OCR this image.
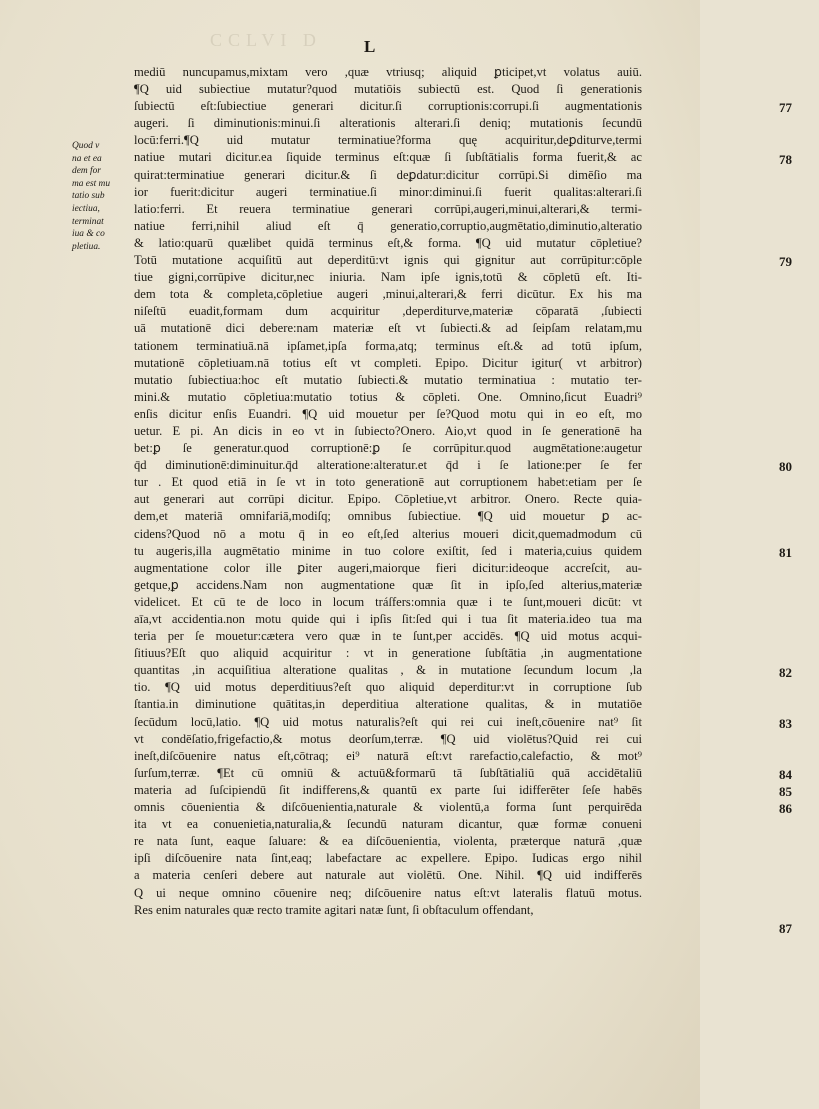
CCLVI D	L
Quod v
na et ea
dem for
ma est mu
tatio sub
iectiua,
terminat
iua & co
pletiua.
mediū nuncupamus,mixtam vero ,quæ vtriusq; aliquid ꝑticipet,vt volatus auiū.
¶Q uid subiectiue mutatur?quod mutatiōis subiectū est. Quod ſi generationis
ſubiectū eſt:ſubiectiue generari dicitur.ſi corruptionis:corrupi.ſi augmentationis
augeri. ſi diminutionis:minui.ſi alterationis alterari.ſi deniq; mutationis ſecundū
locū:ferri.¶Q uid mutatur terminatiue?forma quę acquiritur,deꝑditurve,termi
natiue mutari dicitur.ea ſiquide terminus eſt:quæ ſi ſubſtātialis forma fuerit,& ac
quirat:terminatiue generari dicitur.& ſi deꝑdatur:dicitur corrūpi.Si dimēſio ma
ior fuerit:dicitur augeri terminatiue.ſi minor:diminui.ſi fuerit qualitas:alterari.ſi
latio:ferri. Et reuera terminatiue generari corrūpi,augeri,minui,alterari,& termi-
natiue ferri,nihil aliud eſt q̄ generatio,corruptio,augmētatio,diminutio,alteratio
& latio:quarū quælibet quidā terminus eſt,& forma. ¶Q uid mutatur cōpletiue?
Totū mutatione acquiſitū aut deperditū:vt ignis qui gignitur aut corrūpitur:cōple
tiue gigni,corrūpive dicitur,nec iniuria. Nam ipſe ignis,totū & cōpletū eſt. Iti-
dem tota & completa,cōpletiue augeri ,minui,alterari,& ferri dicūtur. Ex his ma
niſeſtū euadit,formam dum acquiritur ,deperditurve,materiæ cōparatā ,ſubiecti
uā mutationē dici debere:nam materiæ eſt vt ſubiecti.& ad ſeipſam relatam,mu
tationem terminatiuā.nā ipſamet,ipſa forma,atq; terminus eſt.& ad totū ipſum,
mutationē cōpletiuam.nā totius eſt vt completi. Epipo. Dicitur igitur( vt arbitror)
mutatio ſubiectiua:hoc eſt mutatio ſubiecti.& mutatio terminatiua : mutatio ter-
mini.& mutatio cōpletiua:mutatio totius & cōpleti. One. Omnino,ſicut Euadri⁹
enſis dicitur enſis Euandri. ¶Q uid mouetur per ſe?Quod motu qui in eo eſt, mo
uetur. E pi. An dicis in eo vt in ſubiecto?Onero. Aio,vt quod in ſe generationē ha
bet:ꝑ ſe generatur.quod corruptionē:ꝑ ſe corrūpitur.quod augmētatione:augetur
q̄d diminutionē:diminuitur.q̄d alteratione:alteratur.et q̄d i ſe latione:per ſe fer
tur . Et quod etiā in ſe vt in toto generationē aut corruptionem habet:etiam per ſe
aut generari aut corrūpi dicitur. Epipo. Cōpletiue,vt arbitror. Onero. Recte quia-
dem,et materiā omnifariā,modiſq; omnibus ſubiectiue. ¶Q uid mouetur ꝑ ac-
cidens?Quod nō a motu q̄ in eo eſt,ſed alterius moueri dicit,quemadmodum cū
tu augeris,illa augmētatio minime in tuo colore exiſtit, ſed i materia,cuius quidem
augmentatione color ille ꝑiter augeri,maiorque fieri dicitur:ideoque accreſcit, au-
getque,ꝑ accidens.Nam non augmentatione quæ ſit in ipſo,ſed alterius,materiæ
videlicet. Et cū te de loco in locum tráſfers:omnia quæ i te ſunt,moueri dicūt: vt
aīa,vt accidentia.non motu quide qui i ipſis ſit:ſed qui i tua ſit materia.ideo tua ma
teria per ſe mouetur:cætera vero quæ in te ſunt,per accidēs. ¶Q uid motus acqui-
ſitiuus?Eſt quo aliquid acquiritur : vt in generatione ſubſtātia ,in augmentatione
quantitas ,in acquiſitiua alteratione qualitas , & in mutatione ſecundum locum ,la
tio. ¶Q uid motus deperditiuus?eſt quo aliquid deperditur:vt in corruptione ſub
ſtantia.in diminutione quātitas,in deperditiua alteratione qualitas, & in mutatiōe
ſecūdum locū,latio. ¶Q uid motus naturalis?eſt qui rei cui ineſt,cōuenire nat⁹ ſit
vt condēſatio,frigefactio,& motus deorſum,terræ. ¶Q uid violētus?Quid rei cui
ineſt,diſcōuenire natus eſt,cōtraq; ei⁹ naturā eſt:vt rarefactio,calefactio, & mot⁹
ſurſum,terræ. ¶Et cū omniū & actuū&formarū tā ſubſtātialiū quā accidētaliū
materia ad ſuſcipiendū ſit indifferens,& quantū ex parte ſui idifferēter ſeſe habēs
omnis cōuenientia & diſcōuenientia,naturale & violentū,a forma ſunt perquirēda
ita vt ea conuenietia,naturalia,& ſecundū naturam dicantur, quæ formæ conueni
re nata ſunt, eaque ſaluare: & ea diſcōuenientia, violenta, præterque naturā ,quæ
ipſi diſcōuenire nata ſint,eaq; labefactare ac expellere. Epipo. Iudicas ergo nihil
a materia cenſeri debere aut naturale aut violētū. One. Nihil. ¶Q uid indifferēs
Q ui neque omnino cōuenire neq; diſcōuenire natus eſt:vt lateralis flatuū motus.
Res enim naturales quæ recto tramite agitari natæ ſunt, ſi obſtaculum offendant,
77
78
79
80
81
82
83
84
85
86
87
